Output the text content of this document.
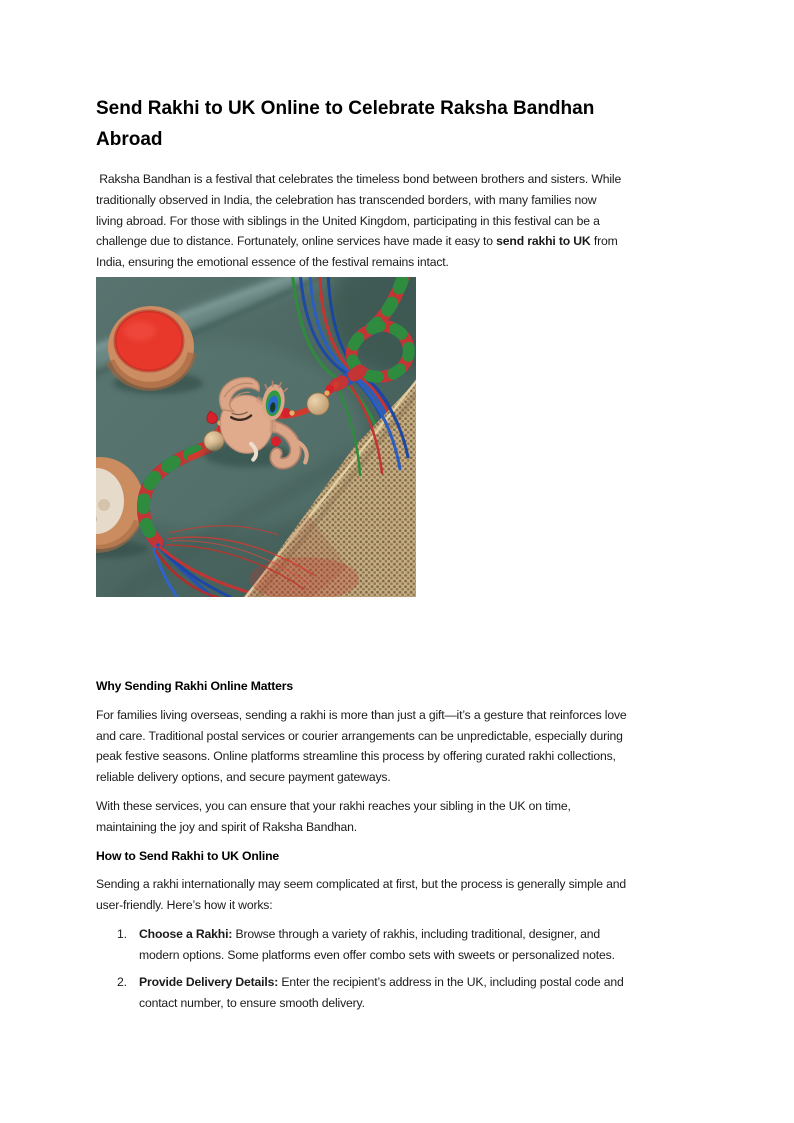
Send Rakhi to UK Online to Celebrate Raksha Bandhan
Abroad

Raksha Bandhan is a festival that celebrates the timeless bond between brothers and sisters. While
traditionally observed in India, the celebration has transcended borders, with many families now
living abroad. For those with siblings in the United Kingdom, participating in this festival can be a
challenge due to distance. Fortunately, online services have made it easy to send rakhi to UK from
India, ensuring the emotional essence of the festival remains intact.

Why Sending Rakhi Online Matters

For families living overseas, sending a rakhi is more than just a gift—it’s a gesture that reinforces love
and care. Traditional postal services or courier arrangements can be unpredictable, especially during
peak festive seasons. Online platforms streamline this process by offering curated rakhi collections,
reliable delivery options, and secure payment gateways.

With these services, you can ensure that your rakhi reaches your sibling in the UK on time,
maintaining the joy and spirit of Raksha Bandhan.

How to Send Rakhi to UK Online

Sending a rakhi internationally may seem complicated at first, but the process is generally simple and
user-friendly. Here’s how it works:

1. Choose a Rakhi: Browse through a variety of rakhis, including traditional, designer, and
modern options. Some platforms even offer combo sets with sweets or personalized notes.
2. Provide Delivery Details: Enter the recipient’s address in the UK, including postal code and
contact number, to ensure smooth delivery.
